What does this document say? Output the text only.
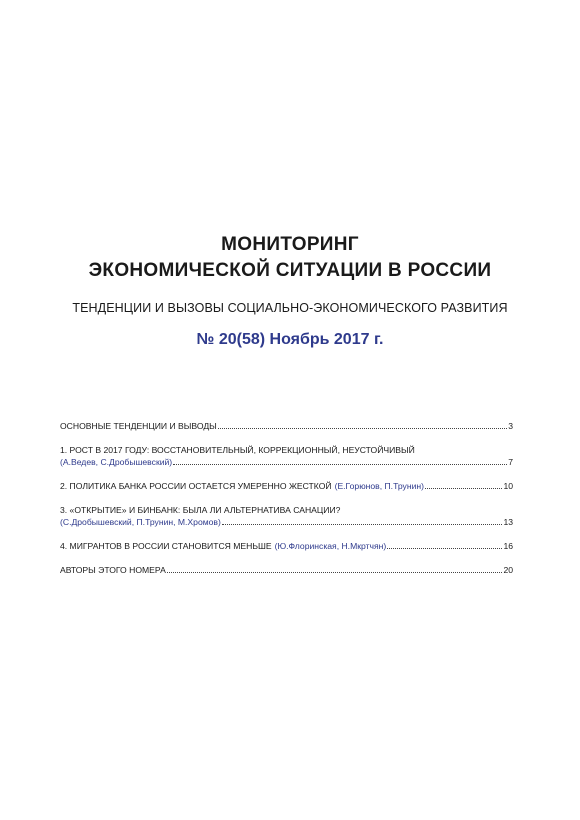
МОНИТОРИНГ
ЭКОНОМИЧЕСКОЙ СИТУАЦИИ В РОССИИ
ТЕНДЕНЦИИ И ВЫЗОВЫ СОЦИАЛЬНО-ЭКОНОМИЧЕСКОГО РАЗВИТИЯ
№ 20(58) Ноябрь 2017 г.
ОСНОВНЫЕ ТЕНДЕНЦИИ И ВЫВОДЫ	3
1. РОСТ В 2017 ГОДУ: ВОССТАНОВИТЕЛЬНЫЙ, КОРРЕКЦИОННЫЙ, НЕУСТОЙЧИВЫЙ
(А.Ведев, С.Дробышевский)	7
2. ПОЛИТИКА БАНКА РОССИИ ОСТАЕТСЯ УМЕРЕННО ЖЕСТКОЙ (Е.Горюнов, П.Трунин)	10
3. «ОТКРЫТИЕ» И БИНБАНК: БЫЛА ЛИ АЛЬТЕРНАТИВА САНАЦИИ?
(С.Дробышевский, П.Трунин, М.Хромов)	13
4. МИГРАНТОВ В РОССИИ СТАНОВИТСЯ МЕНЬШЕ (Ю.Флоринская, Н.Мкртчян)	16
АВТОРЫ ЭТОГО НОМЕРА	20
